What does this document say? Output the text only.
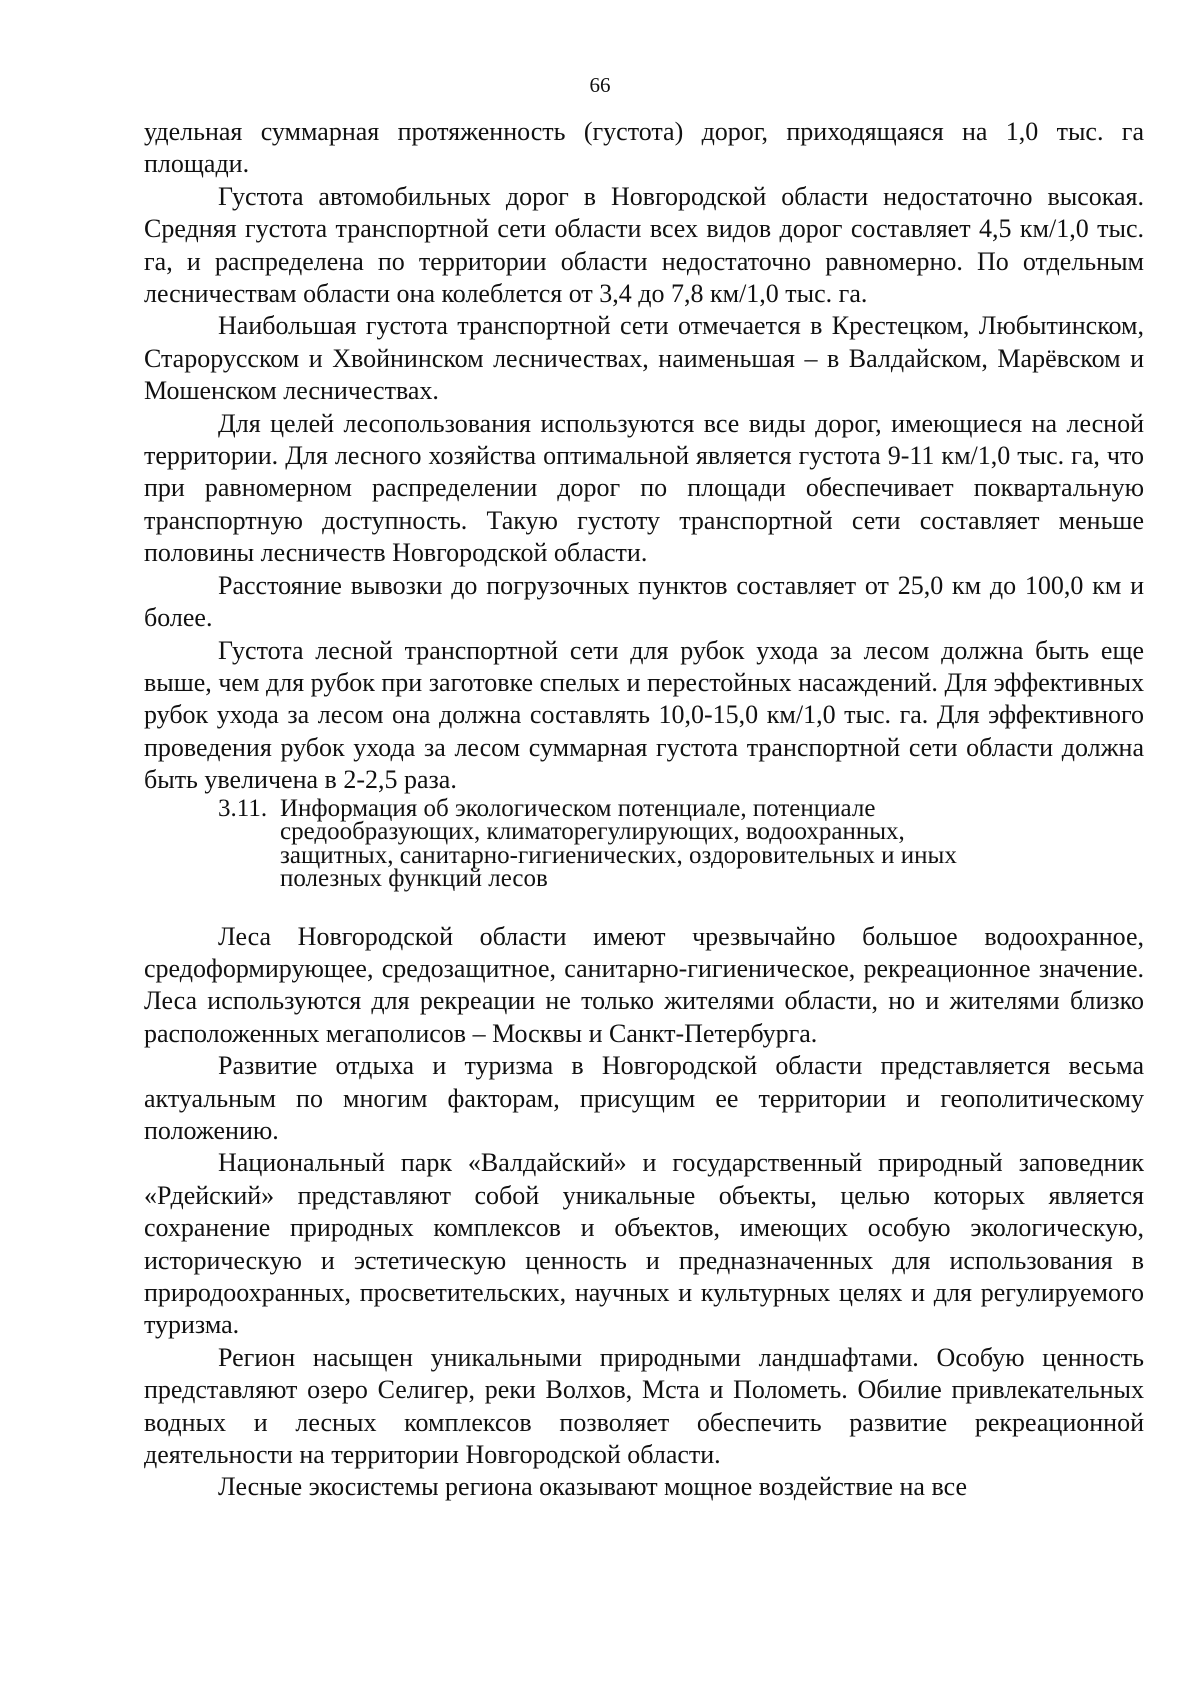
66

удельная суммарная протяженность (густота) дорог, приходящаяся на 1,0 тыс. га площади.

Густота автомобильных дорог в Новгородской области недостаточно высокая. Средняя густота транспортной сети области всех видов дорог составляет 4,5 км/1,0 тыс. га, и распределена по территории области недостаточно равномерно. По отдельным лесничествам области она колеблется от 3,4 до 7,8 км/1,0 тыс. га.

Наибольшая густота транспортной сети отмечается в Крестецком, Любытинском, Старорусском и Хвойнинском лесничествах, наименьшая – в Валдайском, Марёвском и Мошенском лесничествах.

Для целей лесопользования используются все виды дорог, имеющиеся на лесной территории. Для лесного хозяйства оптимальной является густота 9-11 км/1,0 тыс. га, что при равномерном распределении дорог по площади обеспечивает поквартальную транспортную доступность. Такую густоту транспортной сети составляет меньше половины лесничеств Новгородской области.

Расстояние вывозки до погрузочных пунктов составляет от 25,0 км до 100,0 км и более.

Густота лесной транспортной сети для рубок ухода за лесом должна быть еще выше, чем для рубок при заготовке спелых и перестойных насаждений. Для эффективных рубок ухода за лесом она должна составлять 10,0-15,0 км/1,0 тыс. га. Для эффективного проведения рубок ухода за лесом суммарная густота транспортной сети области должна быть увеличена в 2-2,5 раза.

3.11. Информация об экологическом потенциале, потенциале
средообразующих, климаторегулирующих, водоохранных,
защитных, санитарно-гигиенических, оздоровительных и иных
полезных функций лесов

Леса Новгородской области имеют чрезвычайно большое водоохранное, средоформирующее, средозащитное, санитарно-гигиеническое, рекреационное значение. Леса используются для рекреации не только жителями области, но и жителями близко расположенных мегаполисов – Москвы и Санкт-Петербурга.

Развитие отдыха и туризма в Новгородской области представляется весьма актуальным по многим факторам, присущим ее территории и геополитическому положению.

Национальный парк «Валдайский» и государственный природный заповедник «Рдейский» представляют собой уникальные объекты, целью которых является сохранение природных комплексов и объектов, имеющих особую экологическую, историческую и эстетическую ценность и предназначенных для использования в природоохранных, просветительских, научных и культурных целях и для регулируемого туризма.

Регион насыщен уникальными природными ландшафтами. Особую ценность представляют озеро Селигер, реки Волхов, Мста и Полометь. Обилие привлекательных водных и лесных комплексов позволяет обеспечить развитие рекреационной деятельности на территории Новгородской области.

Лесные экосистемы региона оказывают мощное воздействие на все
